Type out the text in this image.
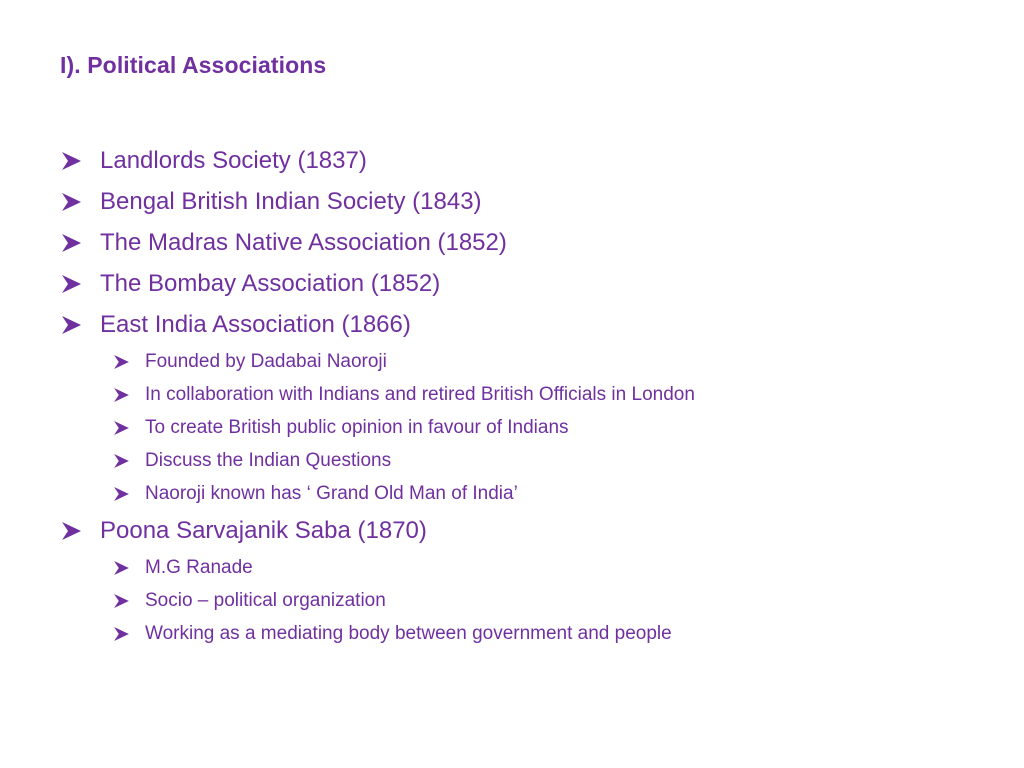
I). Political Associations
Landlords Society (1837)
Bengal British Indian Society (1843)
The Madras Native Association (1852)
The Bombay Association (1852)
East India Association (1866)
Founded by Dadabai Naoroji
In collaboration with Indians and retired British Officials in London
To create British public opinion in favour of Indians
Discuss the Indian Questions
Naoroji known has ‘ Grand Old Man of India’
Poona Sarvajanik Saba (1870)
M.G Ranade
Socio – political organization
Working as a mediating body between government and people
